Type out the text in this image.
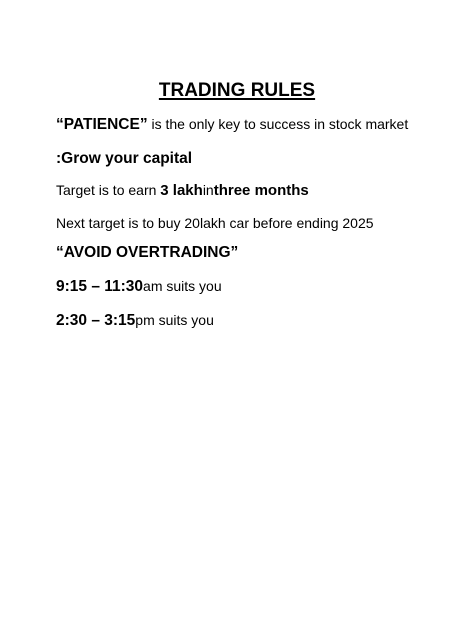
TRADING RULES
“PATIENCE” is the only key to success in stock market
:Grow your capital
Target is to earn 3 lakhinthree months
Next target is to buy 20lakh car before ending 2025
“AVOID OVERTRADING”
9:15 – 11:30am suits you
2:30 – 3:15pm suits you
